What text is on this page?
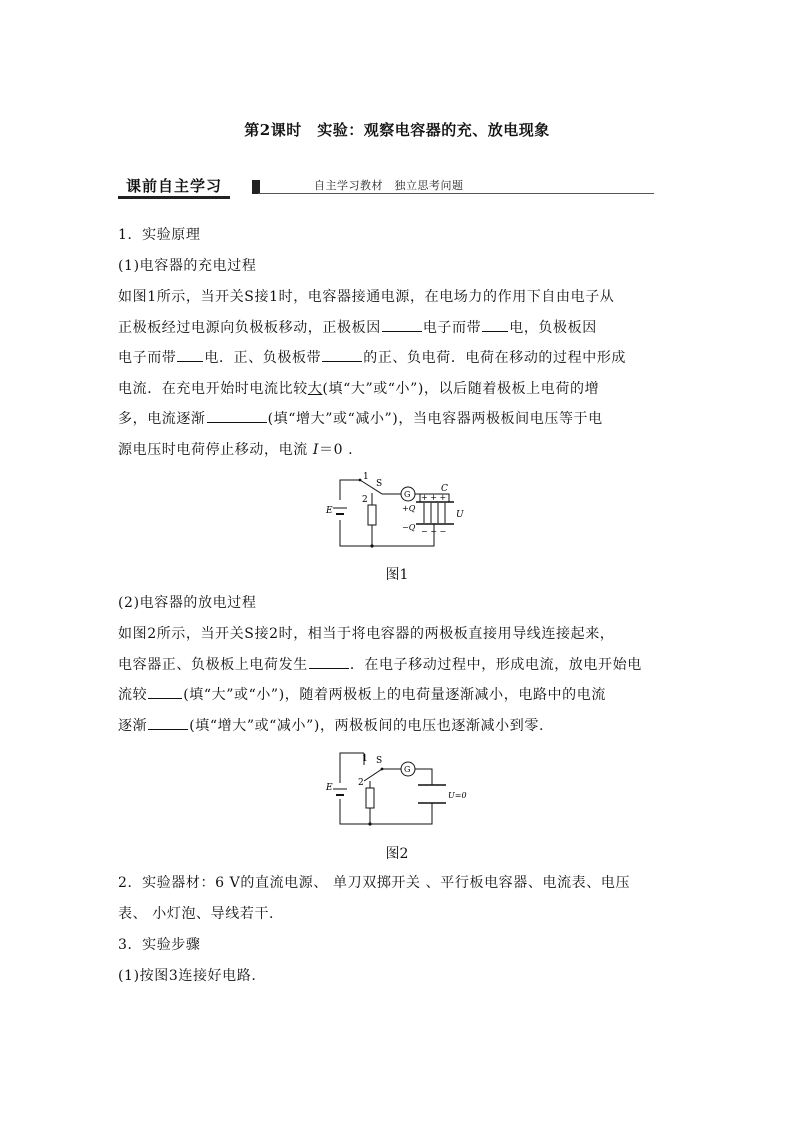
第2课时　实验：观察电容器的充、放电现象
课前自主学习	自主学习教材　独立思考问题
1．实验原理
(1)电容器的充电过程
如图1所示，当开关S接1时，电容器接通电源，在电场力的作用下自由电子从
正极板经过电源向负极板移动，正极板因	电子而带 电，负极板因
电子而带 电．正、负极板带	的正、负电荷．电荷在移动的过程中形成
电流．在充电开始时电流比较大(填“大”或“小”)，以后随着极板上电荷的增
多，电流逐渐	(填“增大”或“减小”)，当电容器两极板间电压等于电
源电压时电荷停止移动，电流 I＝0 .
1
S
2
G
C
E	+Q
−Q
+ + +
− − −
U
图1
(2)电容器的放电过程
如图2所示，当开关S接2时，相当于将电容器的两极板直接用导线连接起来，
电容器正、负极板上电荷发生	．在电子移动过程中，形成电流，放电开始电
流较	(填“大”或“小”)，随着两极板上的电荷量逐渐减小，电路中的电流
逐渐	(填“增大”或“减小”)，两极板间的电压也逐渐减小到零.
1 S
2
G
E
U=0
图2
2．实验器材：6 V的直流电源、 单刀双掷开关 、平行板电容器、电流表、电压
表、 小灯泡、导线若干.
3．实验步骤
(1)按图3连接好电路.
